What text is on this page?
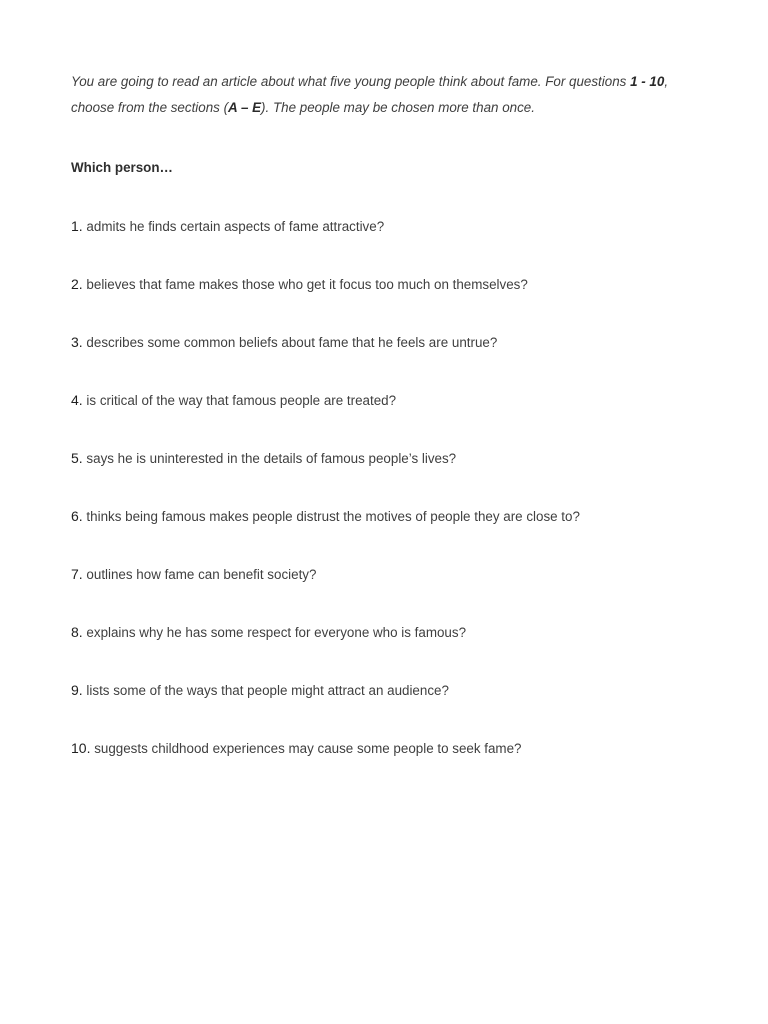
You are going to read an article about what five young people think about fame. For questions 1 - 10, choose from the sections (A – E). The people may be chosen more than once.

Which person…
1. admits he finds certain aspects of fame attractive?
2. believes that fame makes those who get it focus too much on themselves?
3. describes some common beliefs about fame that he feels are untrue?
4. is critical of the way that famous people are treated?
5. says he is uninterested in the details of famous people’s lives?
6. thinks being famous makes people distrust the motives of people they are close to?
7. outlines how fame can benefit society?
8. explains why he has some respect for everyone who is famous?
9. lists some of the ways that people might attract an audience?
10. suggests childhood experiences may cause some people to seek fame?
